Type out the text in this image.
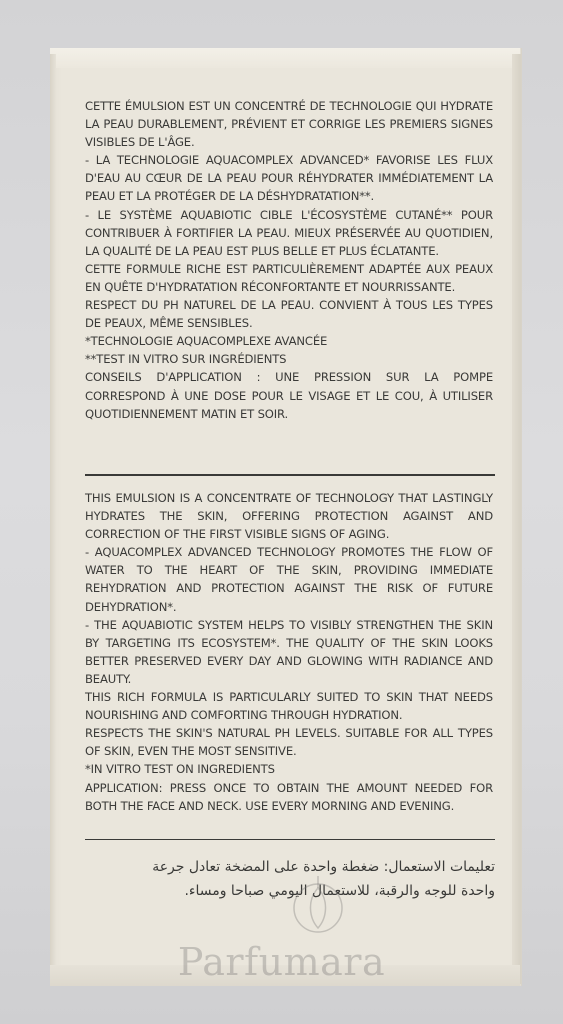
CETTE ÉMULSION EST UN CONCENTRÉ DE TECHNOLOGIE QUI HYDRATE LA PEAU DURABLEMENT, PRÉVIENT ET CORRIGE LES PREMIERS SIGNES VISIBLES DE L'ÂGE.

- LA TECHNOLOGIE AQUACOMPLEX ADVANCED* FAVORISE LES FLUX D'EAU AU CŒUR DE LA PEAU POUR RÉHYDRATER IMMÉDIATEMENT LA PEAU ET LA PROTÉGER DE LA DÉSHYDRATATION**.

- LE SYSTÈME AQUABIOTIC CIBLE L'ÉCOSYSTÈME CUTANÉ** POUR CONTRIBUER À FORTIFIER LA PEAU. MIEUX PRÉSERVÉE AU QUOTIDIEN, LA QUALITÉ DE LA PEAU EST PLUS BELLE ET PLUS ÉCLATANTE.

CETTE FORMULE RICHE EST PARTICULIÈREMENT ADAPTÉE AUX PEAUX EN QUÊTE D'HYDRATATION RÉCONFORTANTE ET NOURRISSANTE.

RESPECT DU PH NATUREL DE LA PEAU. CONVIENT À TOUS LES TYPES DE PEAUX, MÊME SENSIBLES.

*TECHNOLOGIE AQUACOMPLEXE AVANCÉE

**TEST IN VITRO SUR INGRÉDIENTS

CONSEILS D'APPLICATION : UNE PRESSION SUR LA POMPE CORRESPOND À UNE DOSE POUR LE VISAGE ET LE COU, À UTILISER QUOTIDIENNEMENT MATIN ET SOIR.

THIS EMULSION IS A CONCENTRATE OF TECHNOLOGY THAT LASTINGLY HYDRATES THE SKIN, OFFERING PROTECTION AGAINST AND CORRECTION OF THE FIRST VISIBLE SIGNS OF AGING.

- AQUACOMPLEX ADVANCED TECHNOLOGY PROMOTES THE FLOW OF WATER TO THE HEART OF THE SKIN, PROVIDING IMMEDIATE REHYDRATION AND PROTECTION AGAINST THE RISK OF FUTURE DEHYDRATION*.

- THE AQUABIOTIC SYSTEM HELPS TO VISIBLY STRENGTHEN THE SKIN BY TARGETING ITS ECOSYSTEM*. THE QUALITY OF THE SKIN LOOKS BETTER PRESERVED EVERY DAY AND GLOWING WITH RADIANCE AND BEAUTY.

THIS RICH FORMULA IS PARTICULARLY SUITED TO SKIN THAT NEEDS NOURISHING AND COMFORTING THROUGH HYDRATION.

RESPECTS THE SKIN'S NATURAL PH LEVELS. SUITABLE FOR ALL TYPES OF SKIN, EVEN THE MOST SENSITIVE.

*IN VITRO TEST ON INGREDIENTS

APPLICATION: PRESS ONCE TO OBTAIN THE AMOUNT NEEDED FOR BOTH THE FACE AND NECK. USE EVERY MORNING AND EVENING.

تعليمات الاستعمال: ضغطة واحدة على المضخة تعادل جرعة

واحدة للوجه والرقبة، للاستعمال اليومي صباحا ومساء.

Parfumara
